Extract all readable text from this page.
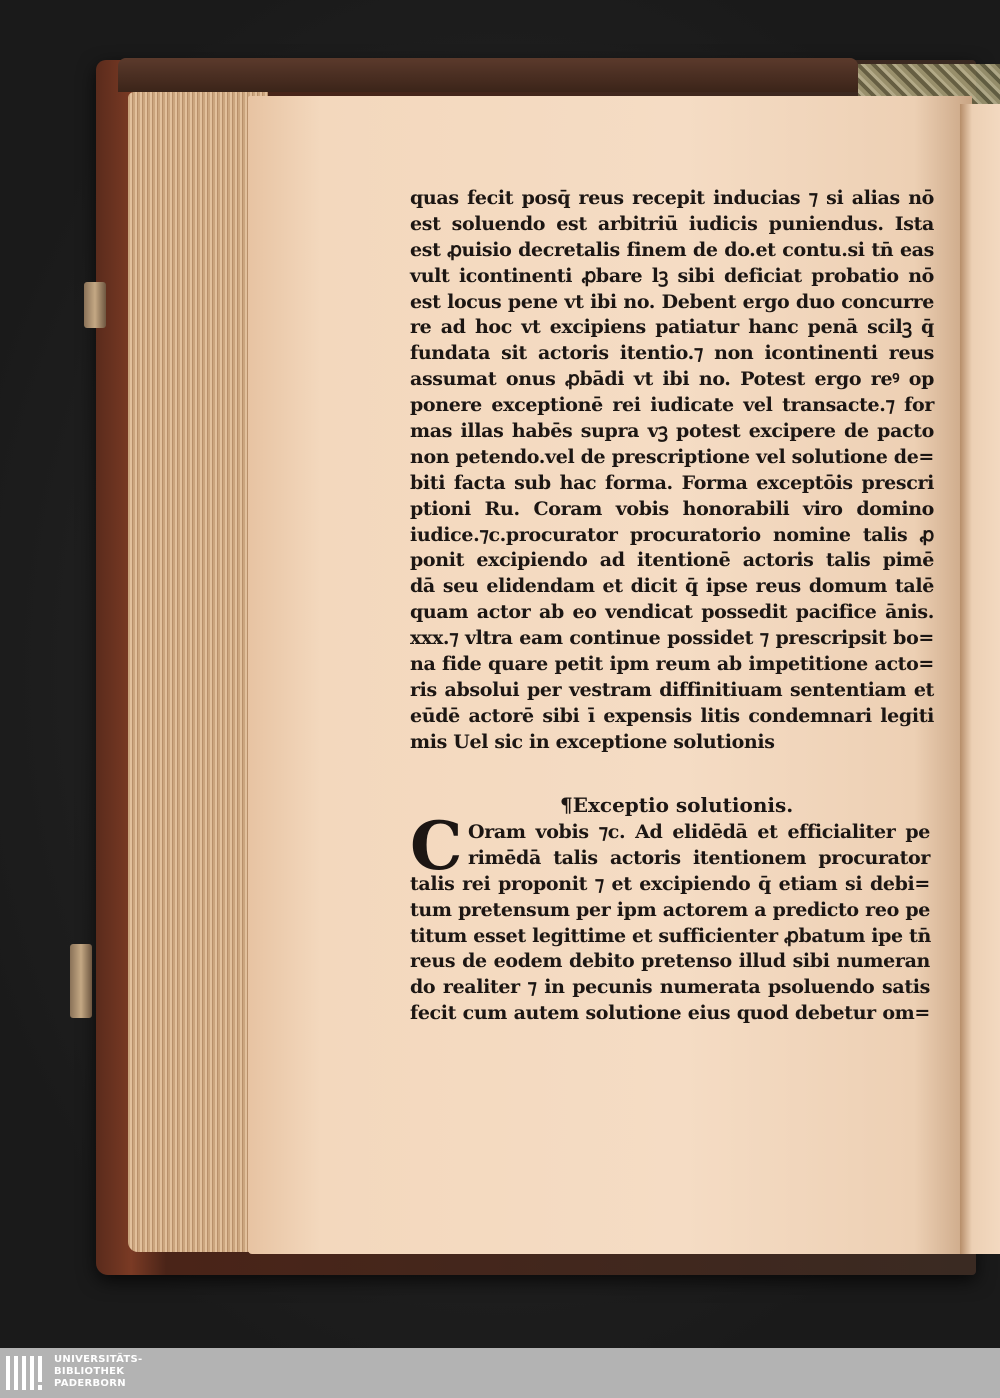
quas fecit posq̄ reus recepit inducias ⁊ si alias nō
est soluendo est arbitriū iudicis puniendus. Ista
est ꝓuisio decretalis finem de do.et contu.si tn̄ eas
vult icontinenti ꝓbare lꝫ sibi deficiat probatio nō
est locus pene vt ibi no. Debent ergo duo concurre
re ad hoc vt excipiens patiatur hanc penā scilꝫ q̄
fundata sit actoris itentio.⁊ non icontinenti reus
assumat onus ꝓbādi vt ibi no. Potest ergo reꝰ op
ponere exceptionē rei iudicate vel transacte.⁊ for
mas illas habēs supra vꝫ potest excipere de pacto
non petendo.vel de prescriptione vel solutione de=
biti facta sub hac forma. Forma exceptōis prescri
ptioni Ru. Coram vobis honorabili viro domino
iudice.⁊c.procurator procuratorio nomine talis ꝓ
ponit excipiendo ad itentionē actoris talis pimē
dā seu elidendam et dicit q̄ ipse reus domum talē
quam actor ab eo vendicat possedit pacifice ānis.
xxx.⁊ vltra eam continue possidet ⁊ prescripsit bo=
na fide quare petit ipm reum ab impetitione acto=
ris absolui per vestram diffinitiuam sententiam et
eūdē actorē sibi ī expensis litis condemnari legiti
mis Uel sic in exceptione solutionis
¶Exceptio solutionis.
C Oram vobis ⁊c. Ad elidēdā et efficialiter pe
rimēdā talis actoris itentionem procurator
talis rei proponit ⁊ et excipiendo q̄ etiam si debi=
tum pretensum per ipm actorem a predicto reo pe
titum esset legittime et sufficienter ꝓbatum ipe tn̄
reus de eodem debito pretenso illud sibi numeran
do realiter ⁊ in pecunis numerata psoluendo satis
fecit cum autem solutione eius quod debetur om=
UNIVERSITÄTS-
BIBLIOTHEK
PADERBORN
